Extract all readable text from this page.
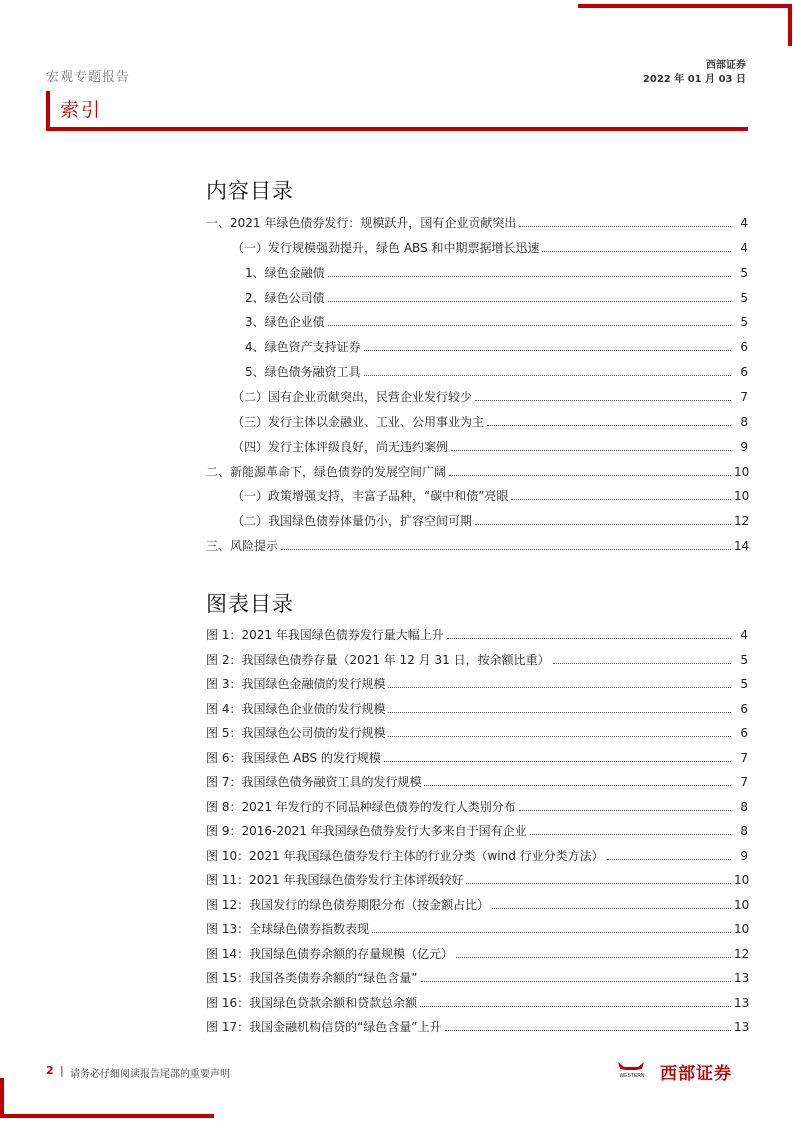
宏观专题报告
西部证券
2022 年 01 月 03 日
索引
内容目录
一、2021 年绿色债券发行：规模跃升，国有企业贡献突出	4
（一）发行规模强劲提升，绿色 ABS 和中期票据增长迅速	4
1、绿色金融债	5
2、绿色公司债	5
3、绿色企业债	5
4、绿色资产支持证券	6
5、绿色债务融资工具	6
（二）国有企业贡献突出，民营企业发行较少	7
（三）发行主体以金融业、工业、公用事业为主	8
（四）发行主体评级良好，尚无违约案例	9
二、新能源革命下，绿色债券的发展空间广阔	10
（一）政策增强支持，丰富子品种，“碳中和债”亮眼	10
（二）我国绿色债券体量仍小，扩容空间可期	12
三、风险提示	14
图表目录
图 1：2021 年我国绿色债券发行量大幅上升	4
图 2：我国绿色债券存量（2021 年 12 月 31 日，按余额比重）	5
图 3：我国绿色金融债的发行规模	5
图 4：我国绿色企业债的发行规模	6
图 5：我国绿色公司债的发行规模	6
图 6：我国绿色 ABS 的发行规模	7
图 7：我国绿色债务融资工具的发行规模	7
图 8：2021 年发行的不同品种绿色债券的发行人类别分布	8
图 9：2016-2021 年我国绿色债券发行大多来自于国有企业	8
图 10：2021 年我国绿色债券发行主体的行业分类（wind 行业分类方法）	9
图 11：2021 年我国绿色债券发行主体评级较好	10
图 12：我国发行的绿色债券期限分布（按金额占比）	10
图 13：全球绿色债券指数表现	10
图 14：我国绿色债券余额的存量规模（亿元）	12
图 15：我国各类债券余额的“绿色含量”	13
图 16：我国绿色贷款余额和贷款总余额	13
图 17：我国金融机构信贷的“绿色含量”上升	13
2 | 请务必仔细阅读报告尾部的重要声明	WESTERN 西部证券
